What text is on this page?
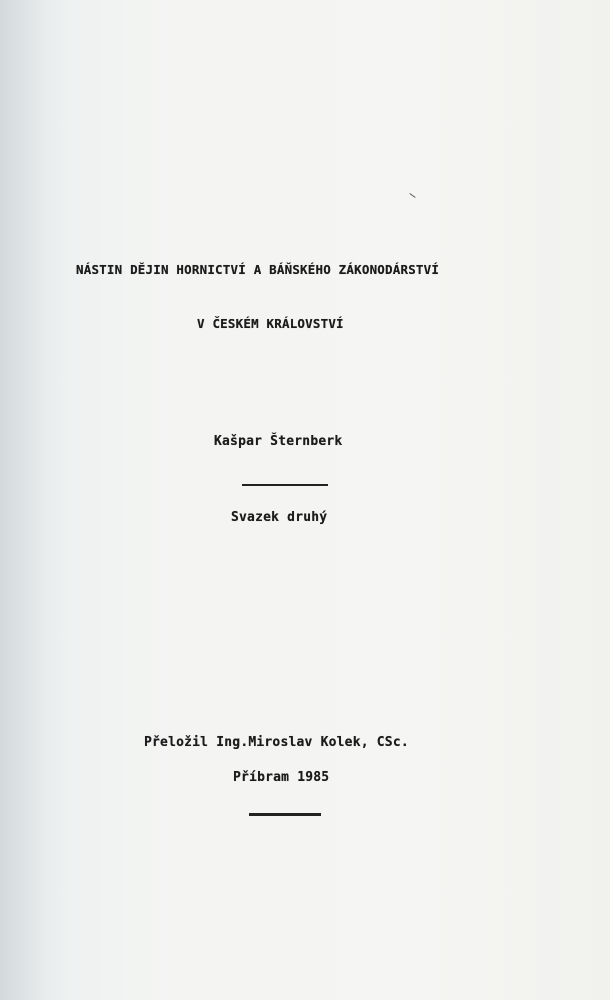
NÁSTIN DĚJIN HORNICTVÍ A BÁŇSKÉHO ZÁKONODÁRSTVÍ
V ČESKÉM KRÁLOVSTVÍ
Kašpar Šternberk
Svazek druhý
Přeložil Ing.Miroslav Kolek, CSc.
Příbram 1985
